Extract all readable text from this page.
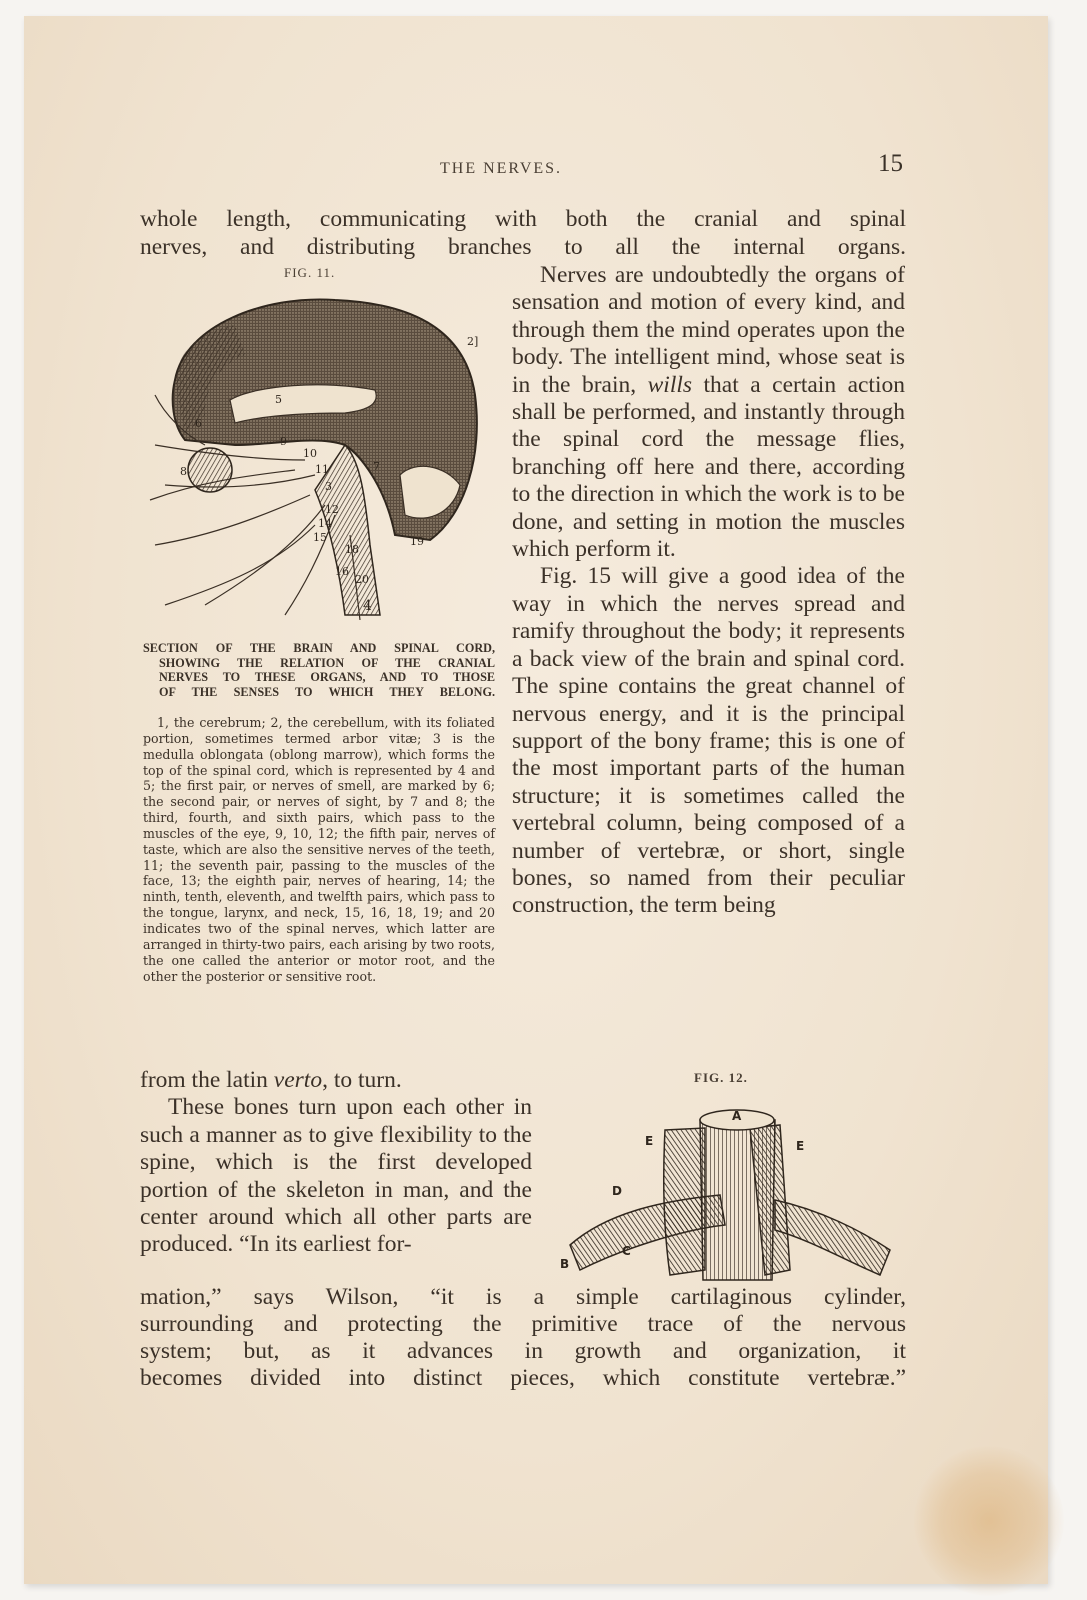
THE NERVES.	15
whole length, communicating with both the cranial and spinal
nerves, and distributing branches to all the internal organs.
FIG. 11.
2]
5
6
8
9
10
11	7
3
12
14
15	19
18
16
20
4
SECTION OF THE BRAIN AND SPINAL CORD,
SHOWING THE RELATION OF THE CRANIAL
NERVES TO THESE ORGANS, AND TO THOSE
OF THE SENSES TO WHICH THEY BELONG.
1, the cerebrum; 2, the cerebellum, with its foliated portion, sometimes termed arbor vitæ; 3 is the medulla oblongata (oblong marrow), which forms the top of the spinal cord, which is represented by 4 and 5; the first pair, or nerves of smell, are marked by 6; the second pair, or nerves of sight, by 7 and 8; the third, fourth, and sixth pairs, which pass to the muscles of the eye, 9, 10, 12; the fifth pair, nerves of taste, which are also the sensitive nerves of the teeth, 11; the seventh pair, passing to the muscles of the face, 13; the eighth pair, nerves of hearing, 14; the ninth, tenth, eleventh, and twelfth pairs, which pass to the tongue, larynx, and neck, 15, 16, 18, 19; and 20 indicates two of the spinal nerves, which latter are arranged in thirty-two pairs, each arising by two roots, the one called the anterior or motor root, and the other the posterior or sensitive root.

Nerves are undoubtedly the organs of sensation and motion of every kind, and through them the mind operates upon the body. The intelligent mind, whose seat is in the brain, wills that a certain action shall be performed, and instantly through the spinal cord the message flies, branching off here and there, according to the direction in which the work is to be done, and setting in motion the muscles which perform it.

Fig. 15 will give a good idea of the way in which the nerves spread and ramify throughout the body; it represents a back view of the brain and spinal cord. The spine contains the great channel of nervous energy, and it is the principal support of the bony frame; this is one of the most important parts of the human structure; it is sometimes called the vertebral column, being composed of a number of vertebræ, or short, single bones, so named from their peculiar construction, the term being

FIG. 12.
A
E	E
D
C
B

from the latin verto, to turn.

These bones turn upon each other in such a manner as to give flexibility to the spine, which is the first developed portion of the skeleton in man, and the center around which all other parts are produced. “In its earliest for-

mation,” says Wilson, “it is a simple cartilaginous cylinder,
surrounding and protecting the primitive trace of the nervous
system; but, as it advances in growth and organization, it
becomes divided into distinct pieces, which constitute vertebræ.”
